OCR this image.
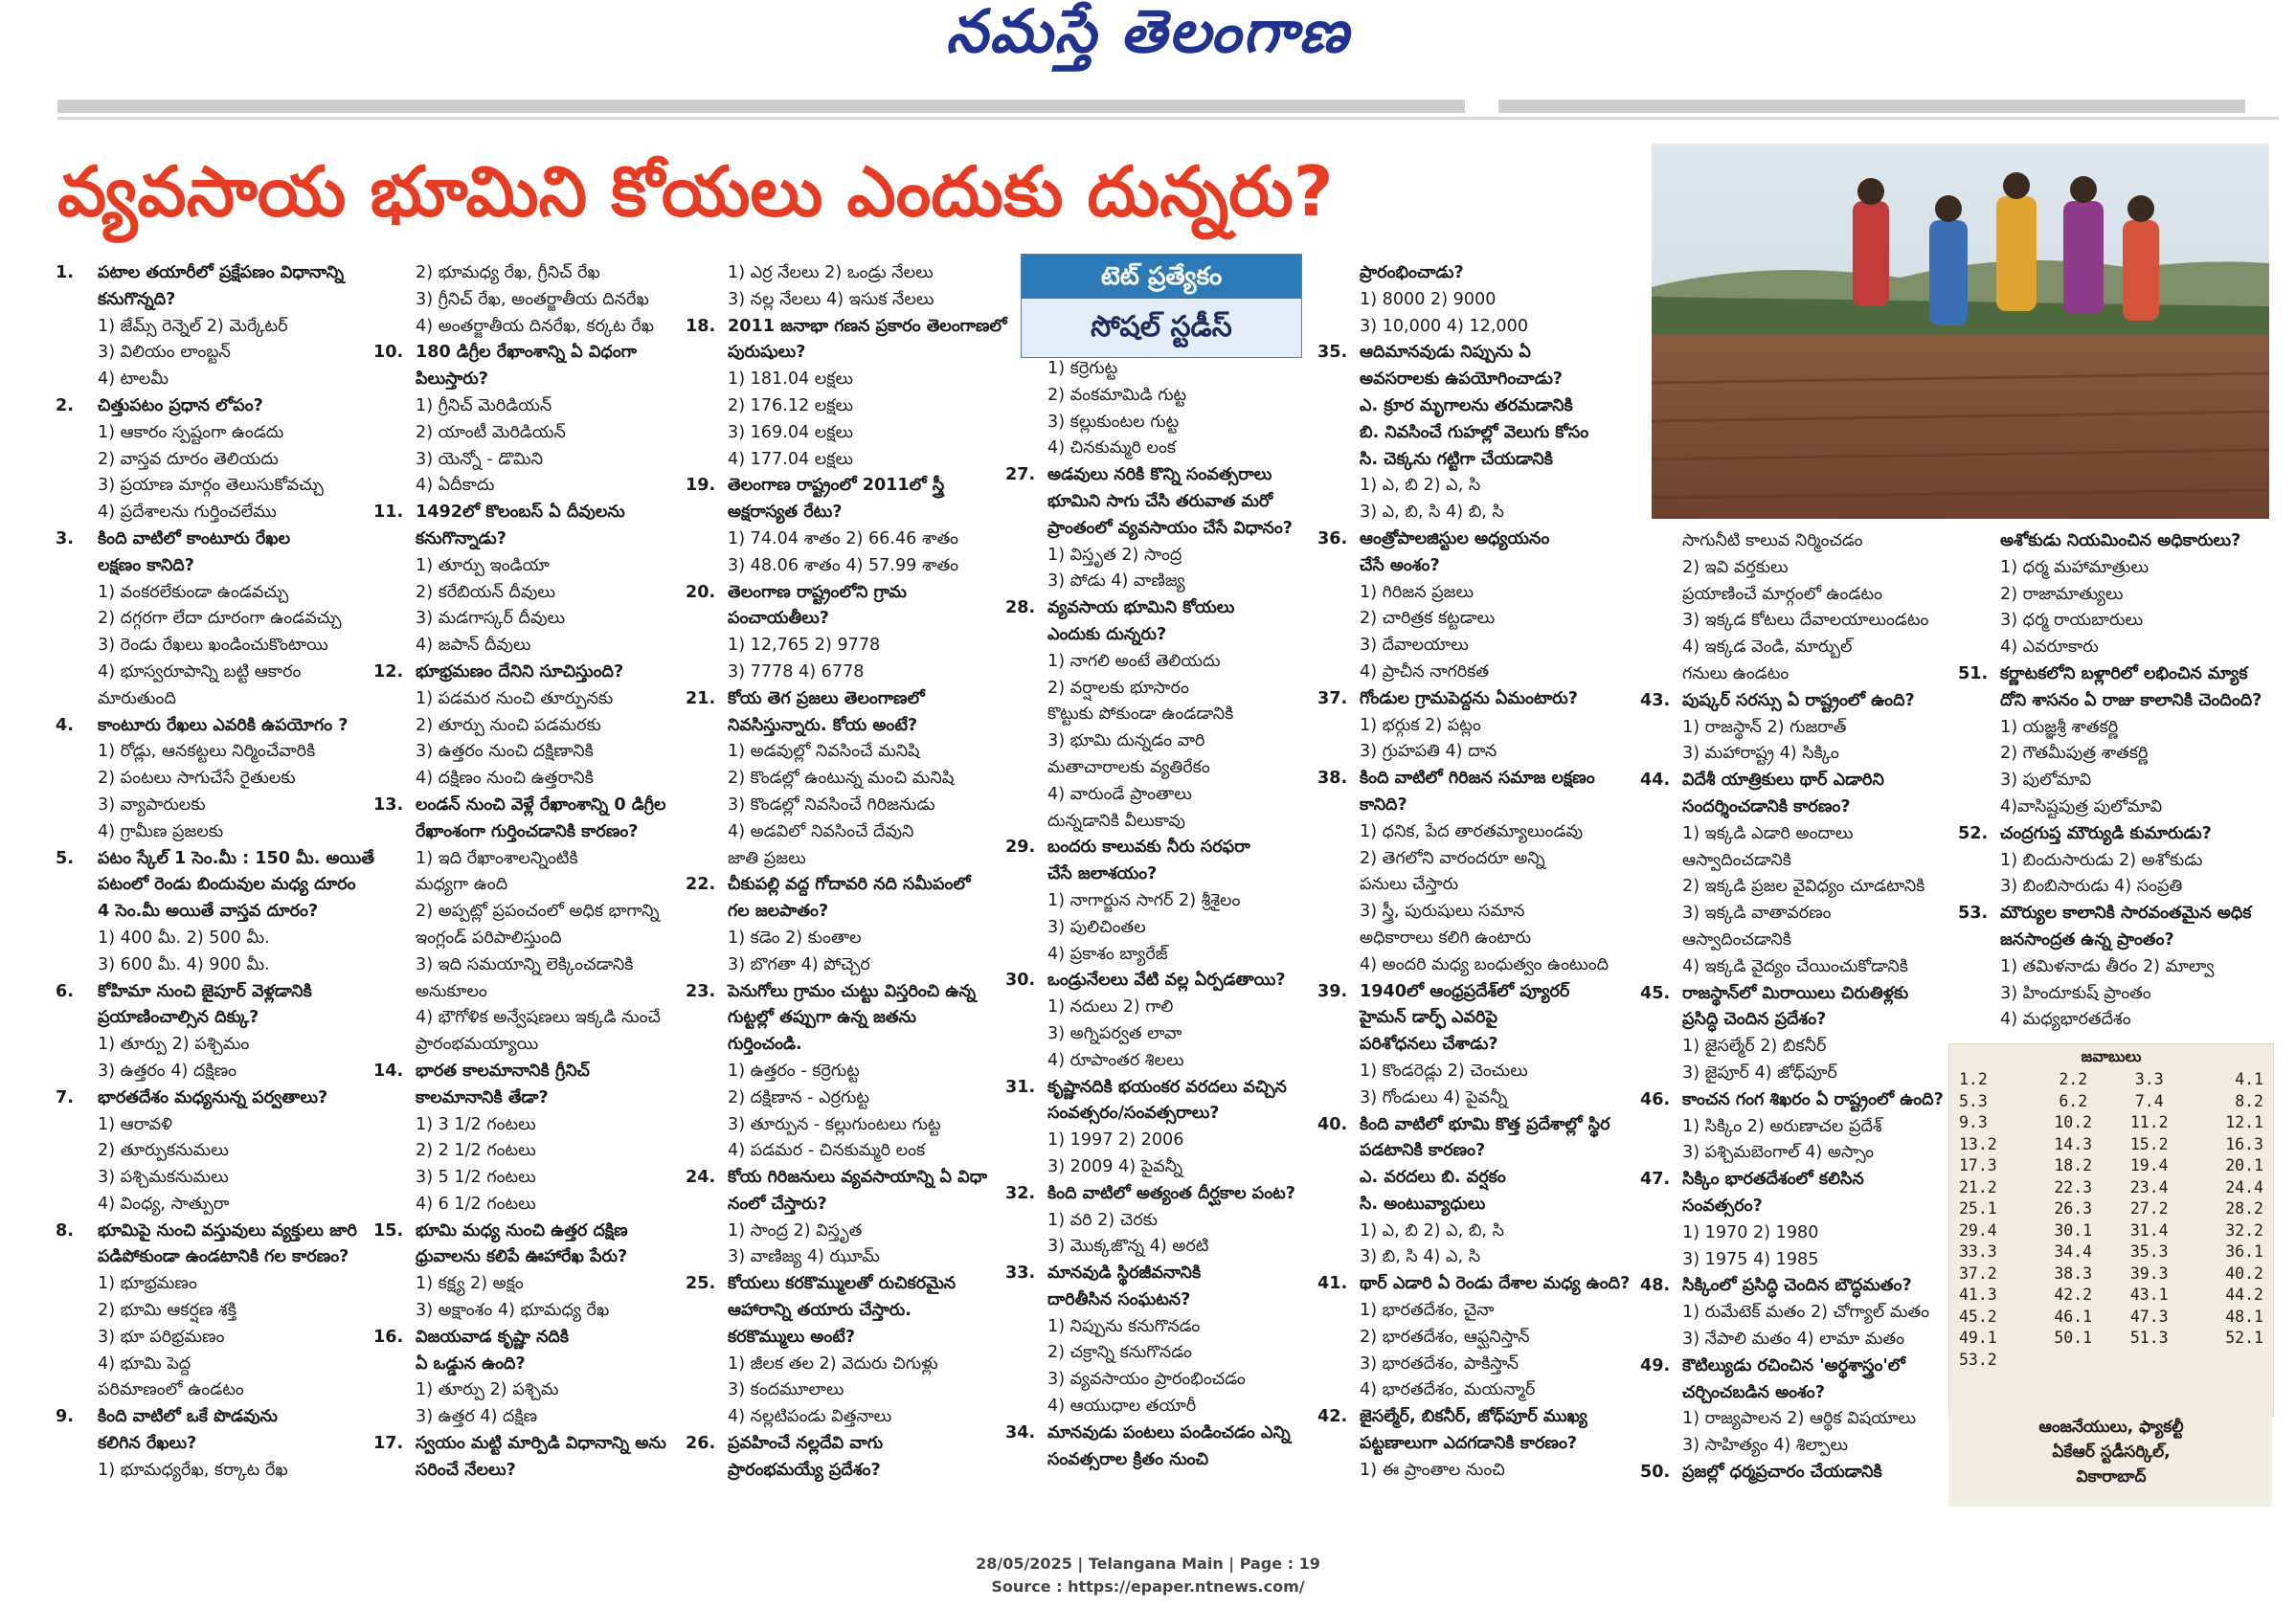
నమస్తే తెలంగాణ
వ్యవసాయ భూమిని కోయలు ఎందుకు దున్నరు?
టెట్ ప్రత్యేకం
సోషల్ స్టడీస్
1. పటాల తయారీలో ప్రక్షేపణం విధానాన్ని
కనుగొన్నది?
1) జేమ్స్ రెన్నెల్ 2) మెర్కేటర్
3) విలియం లాంబ్టన్
4) టాలమీ
2. చిత్తుపటం ప్రధాన లోపం?
1) ఆకారం స్పష్టంగా ఉండదు
2) వాస్తవ దూరం తెలియదు
3) ప్రయాణ మార్గం తెలుసుకోవచ్చు
4) ప్రదేశాలను గుర్తించలేము
3. కింది వాటిలో కాంటూరు రేఖల
లక్షణం కానిది?
1) వంకరలేకుండా ఉండవచ్చు
2) దగ్గరగా లేదా దూరంగా ఉండవచ్చు
3) రెండు రేఖలు ఖండించుకొంటాయి
4) భూస్వరూపాన్ని బట్టి ఆకారం
మారుతుంది
4. కాంటూరు రేఖలు ఎవరికి ఉపయోగం ?
1) రోడ్లు, ఆనకట్టలు నిర్మించేవారికి
2) పంటలు సాగుచేసే రైతులకు
3) వ్యాపారులకు
4) గ్రామీణ ప్రజలకు
5. పటం స్కేల్ 1 సెం.మీ : 150 మీ. అయితే
పటంలో రెండు బిందువుల మధ్య దూరం
4 సెం.మీ అయితే వాస్తవ దూరం?
1) 400 మీ. 2) 500 మీ.
3) 600 మీ. 4) 900 మీ.
6. కోహిమా నుంచి జైపూర్ వెళ్లడానికి
ప్రయాణించాల్సిన దిక్కు?
1) తూర్పు 2) పశ్చిమం
3) ఉత్తరం 4) దక్షిణం
7. భారతదేశం మధ్యనున్న పర్వతాలు?
1) ఆరావళి
2) తూర్పుకనుమలు
3) పశ్చిమకనుమలు
4) వింధ్య, సాత్పురా
8. భూమిపై నుంచి వస్తువులు వ్యక్తులు జారి
పడిపోకుండా ఉండటానికి గల కారణం?
1) భూభ్రమణం
2) భూమి ఆకర్షణ శక్తి
3) భూ పరిభ్రమణం
4) భూమి పెద్ద
పరిమాణంలో ఉండటం
9. కింది వాటిలో ఒకే పొడవును
కలిగిన రేఖలు?
1) భూమధ్యరేఖ, కర్కాట రేఖ
2) భూమధ్య రేఖ, గ్రీనిచ్ రేఖ
3) గ్రీనిచ్ రేఖ, అంతర్జాతీయ దినరేఖ
4) అంతర్జాతీయ దినరేఖ, కర్కట రేఖ
10. 180 డిగ్రీల రేఖాంశాన్ని ఏ విధంగా
పిలుస్తారు?
1) గ్రీనిచ్ మెరిడియన్
2) యాంటీ మెరిడియన్
3) యెన్నో - డొమిని
4) ఏదీకాదు
11. 1492లో కొలంబస్ ఏ దీవులను
కనుగొన్నాడు?
1) తూర్పు ఇండియా
2) కరేబియన్ దీవులు
3) మడగాస్కర్ దీవులు
4) జపాన్ దీవులు
12. భూభ్రమణం దేనిని సూచిస్తుంది?
1) పడమర నుంచి తూర్పునకు
2) తూర్పు నుంచి పడమరకు
3) ఉత్తరం నుంచి దక్షిణానికి
4) దక్షిణం నుంచి ఉత్తరానికి
13. లండన్ నుంచి వెళ్లే రేఖాంశాన్ని 0 డిగ్రీల
రేఖాంశంగా గుర్తించడానికి కారణం?
1) ఇది రేఖాంశాలన్నింటికి
మధ్యగా ఉంది
2) అప్పట్లో ప్రపంచంలో అధిక భాగాన్ని
ఇంగ్లండ్ పరిపాలిస్తుంది
3) ఇది సమయాన్ని లెక్కించడానికి
అనుకూలం
4) భౌగోళిక అన్వేషణలు ఇక్కడి నుంచే
ప్రారంభమయ్యాయి
14. భారత కాలమానానికి గ్రీనిచ్
కాలమానానికి తేడా?
1) 3 1/2 గంటలు
2) 2 1/2 గంటలు
3) 5 1/2 గంటలు
4) 6 1/2 గంటలు
15. భూమి మధ్య నుంచి ఉత్తర దక్షిణ
ధ్రువాలను కలిపే ఊహారేఖ పేరు?
1) కక్ష్య 2) అక్షం
3) అక్షాంశం 4) భూమధ్య రేఖ
16. విజయవాడ కృష్ణా నదికి
ఏ ఒడ్డున ఉంది?
1) తూర్పు 2) పశ్చిమ
3) ఉత్తర 4) దక్షిణ
17. స్వయం మట్టి మార్పిడి విధానాన్ని అను
సరించే నేలలు?
1) ఎర్ర నేలలు 2) ఒండ్రు నేలలు
3) నల్ల నేలలు 4) ఇసుక నేలలు
18. 2011 జనాభా గణన ప్రకారం తెలంగాణలో
పురుషులు?
1) 181.04 లక్షలు
2) 176.12 లక్షలు
3) 169.04 లక్షలు
4) 177.04 లక్షలు
19. తెలంగాణ రాష్ట్రంలో 2011లో స్త్రీ
అక్షరాస్యత రేటు?
1) 74.04 శాతం 2) 66.46 శాతం
3) 48.06 శాతం 4) 57.99 శాతం
20. తెలంగాణ రాష్ట్రంలోని గ్రామ
పంచాయతీలు?
1) 12,765 2) 9778
3) 7778 4) 6778
21. కోయ తెగ ప్రజలు తెలంగాణలో
నివసిస్తున్నారు. కోయ అంటే?
1) అడవుల్లో నివసించే మనిషి
2) కొండల్లో ఉంటున్న మంచి మనిషి
3) కొండల్లో నివసించే గిరిజనుడు
4) అడవిలో నివసించే దేవుని
జాతి ప్రజలు
22. చీకుపల్లి వద్ద గోదావరి నది సమీపంలో
గల జలపాతం?
1) కడెం 2) కుంతాల
3) బొగతా 4) పోచ్చెర
23. పెనుగోలు గ్రామం చుట్టు విస్తరించి ఉన్న
గుట్టల్లో తప్పుగా ఉన్న జతను
గుర్తించండి.
1) ఉత్తరం - కర్రెగుట్ట
2) దక్షిణాన - ఎర్రగుట్ట
3) తూర్పున - కల్లుగుంటలు గుట్ట
4) పడమర - చినకుమ్మరి లంక
24. కోయ గిరిజనులు వ్యవసాయాన్ని ఏ విధా
నంలో చేస్తారు?
1) సాంద్ర 2) విస్తృత
3) వాణిజ్య 4) ఝూమ్
25. కోయలు కరకొమ్ములతో రుచికరమైన
ఆహారాన్ని తయారు చేస్తారు.
కరకొమ్ములు అంటే?
1) జీలక తల 2) వెదురు చిగుళ్లు
3) కందమూలాలు
4) నల్లటిపండు విత్తనాలు
26. ప్రవహించే నల్లదేవి వాగు
ప్రారంభమయ్యే ప్రదేశం?
1) కర్రెగుట్ట
2) వంకమామిడి గుట్ట
3) కల్లుకుంటల గుట్ట
4) చినకుమ్మరి లంక
27. అడవులు నరికి కొన్ని సంవత్సరాలు
భూమిని సాగు చేసి తరువాత మరో
ప్రాంతంలో వ్యవసాయం చేసే విధానం?
1) విస్తృత 2) సాంద్ర
3) పోడు 4) వాణిజ్య
28. వ్యవసాయ భూమిని కోయలు
ఎందుకు దున్నరు?
1) నాగలి అంటే తెలియదు
2) వర్షాలకు భూసారం
కొట్టుకు పోకుండా ఉండడానికి
3) భూమి దున్నడం వారి
మతాచారాలకు వ్యతిరేకం
4) వారుండే ప్రాంతాలు
దున్నడానికి వీలుకావు
29. బందరు కాలువకు నీరు సరఫరా
చేసే జలాశయం?
1) నాగార్జున సాగర్ 2) శ్రీశైలం
3) పులిచింతల
4) ప్రకాశం బ్యారేజ్
30. ఒండ్రునేలలు వేటి వల్ల ఏర్పడతాయి?
1) నదులు 2) గాలి
3) అగ్నిపర్వత లావా
4) రూపాంతర శిలలు
31. కృష్ణానదికి భయంకర వరదలు వచ్చిన
సంవత్సరం/సంవత్సరాలు?
1) 1997 2) 2006
3) 2009 4) పైవన్నీ
32. కింది వాటిలో అత్యంత దీర్ఘకాల పంట?
1) వరి 2) చెరకు
3) మొక్కజొన్న 4) అరటి
33. మానవుడి స్థిరజీవనానికి
దారితీసిన సంఘటన?
1) నిప్పును కనుగొనడం
2) చక్రాన్ని కనుగొనడం
3) వ్యవసాయం ప్రారంభించడం
4) ఆయుధాల తయారీ
34. మానవుడు పంటలు పండించడం ఎన్ని
సంవత్సరాల క్రితం నుంచి
ప్రారంభించాడు?
1) 8000 2) 9000
3) 10,000 4) 12,000
35. ఆదిమానవుడు నిప్పును ఏ
అవసరాలకు ఉపయోగించాడు?
ఎ. క్రూర మృగాలను తరమడానికి
బి. నివసించే గుహల్లో వెలుగు కోసం
సి. చెక్కను గట్టిగా చేయడానికి
1) ఎ, బి 2) ఎ, సి
3) ఎ, బి, సి 4) బి, సి
36. ఆంత్రోపాలజిస్టుల అధ్యయనం
చేసే అంశం?
1) గిరిజన ప్రజలు
2) చారిత్రక కట్టడాలు
3) దేవాలయాలు
4) ప్రాచీన నాగరికత
37. గోండుల గ్రామపెద్దను ఏమంటారు?
1) భర్గుక 2) పట్లం
3) గ్రుహపతి 4) దాన
38. కింది వాటిలో గిరిజన సమాజ లక్షణం
కానిది?
1) ధనిక, పేద తారతమ్యాలుండవు
2) తెగలోని వారందరూ అన్ని
పనులు చేస్తారు
3) స్త్రీ, పురుషులు సమాన
అధికారాలు కలిగి ఉంటారు
4) అందరి మధ్య బంధుత్వం ఉంటుంది
39. 1940లో ఆంధ్రప్రదేశ్‌లో ప్యూరర్
హైమన్ డార్ఫ్ ఎవరిపై
పరిశోధనలు చేశాడు?
1) కొండరెడ్లు 2) చెంచులు
3) గోండులు 4) పైవన్నీ
40. కింది వాటిలో భూమి కొత్త ప్రదేశాల్లో స్థిర
పడటానికి కారణం?
ఎ. వరదలు బి. వర్షకం
సి. అంటువ్యాధులు
1) ఎ, బి 2) ఎ, బి, సి
3) బి, సి 4) ఎ, సి
41. థార్ ఎడారి ఏ రెండు దేశాల మధ్య ఉంది?
1) భారతదేశం, చైనా
2) భారతదేశం, ఆఫ్ఘనిస్తాన్
3) భారతదేశం, పాకిస్తాన్
4) భారతదేశం, మయన్మార్
42. జైసల్మేర్, బికనీర్, జోధ్‌పూర్ ముఖ్య
పట్టణాలుగా ఎదగడానికి కారణం?
1) ఈ ప్రాంతాల నుంచి
సాగునీటి కాలువ నిర్మించడం
2) ఇవి వర్తకులు
ప్రయాణించే మార్గంలో ఉండటం
3) ఇక్కడ కోటలు దేవాలయాలుండటం
4) ఇక్కడ వెండి, మార్బుల్
గనులు ఉండటం
43. పుష్కర్ సరస్సు ఏ రాష్ట్రంలో ఉంది?
1) రాజస్థాన్ 2) గుజరాత్
3) మహారాష్ట్ర 4) సిక్కిం
44. విదేశీ యాత్రికులు థార్ ఎడారిని
సందర్శించడానికి కారణం?
1) ఇక్కడి ఎడారి అందాలు
ఆస్వాదించడానికి
2) ఇక్కడి ప్రజల వైవిధ్యం చూడటానికి
3) ఇక్కడి వాతావరణం
ఆస్వాదించడానికి
4) ఇక్కడి వైద్యం చేయించుకోడానికి
45. రాజస్థాన్‌లో మిరాయిలు చిరుతిళ్లకు
ప్రసిద్ధి చెందిన ప్రదేశం?
1) జైసల్మేర్ 2) బికనీర్
3) జైపూర్ 4) జోధ్‌పూర్
46. కాంచన గంగ శిఖరం ఏ రాష్ట్రంలో ఉంది?
1) సిక్కిం 2) అరుణాచల ప్రదేశ్
3) పశ్చిమబెంగాల్ 4) అస్సాం
47. సిక్కిం భారతదేశంలో కలిసిన
సంవత్సరం?
1) 1970 2) 1980
3) 1975 4) 1985
48. సిక్కింలో ప్రసిద్ధి చెందిన బౌద్ధమతం?
1) రుమేటెక్ మతం 2) చోగ్యాల్ మతం
3) నేపాలి మతం 4) లామా మతం
49. కౌటిల్యుడు రచించిన 'అర్థశాస్త్రం'లో
చర్చించబడిన అంశం?
1) రాజ్యపాలన 2) ఆర్థిక విషయాలు
3) సాహిత్యం 4) శిల్పాలు
50. ప్రజల్లో ధర్మప్రచారం చేయడానికి
అశోకుడు నియమించిన అధికారులు?
1) ధర్మ మహామాత్రులు
2) రాజామాత్యులు
3) ధర్మ రాయబారులు
4) ఎవరూకారు
51. కర్ణాటకలోని బళ్లారిలో లభించిన మ్యాక
దోని శాసనం ఏ రాజు కాలానికి చెందింది?
1) యజ్ఞశ్రీ శాతకర్ణి
2) గౌతమీపుత్ర శాతకర్ణి
3) పులోమావి
4)వాసిష్టపుత్ర పులోమావి
52. చంద్రగుప్త మౌర్యుడి కుమారుడు?
1) బిందుసారుడు 2) అశోకుడు
3) బింబిసారుడు 4) సంప్రతి
53. మౌర్యుల కాలానికి సారవంతమైన అధిక
జనసాంద్రత ఉన్న ప్రాంతం?
1) తమిళనాడు తీరం 2) మాల్వా
3) హిందూకుష్ ప్రాంతం
4) మధ్యభారతదేశం
జవాబులు
1.2	2.2	3.3	4.1
5.3	6.2	7.4	8.2
9.3	10.2	11.2	12.1
13.2	14.3	15.2	16.3
17.3	18.2	19.4	20.1
21.2	22.3	23.4	24.4
25.1	26.3	27.2	28.2
29.4	30.1	31.4	32.2
33.3	34.4	35.3	36.1
37.2	38.3	39.3	40.2
41.3	42.2	43.1	44.2
45.2	46.1	47.3	48.1
49.1	50.1	51.3	52.1
53.2
ఆంజనేయులు, ఫ్యాకల్టీ
ఏకేఆర్ స్టడీసర్కిల్,
వికారాబాద్
28/05/2025 | Telangana Main | Page : 19
Source : https://epaper.ntnews.com/
